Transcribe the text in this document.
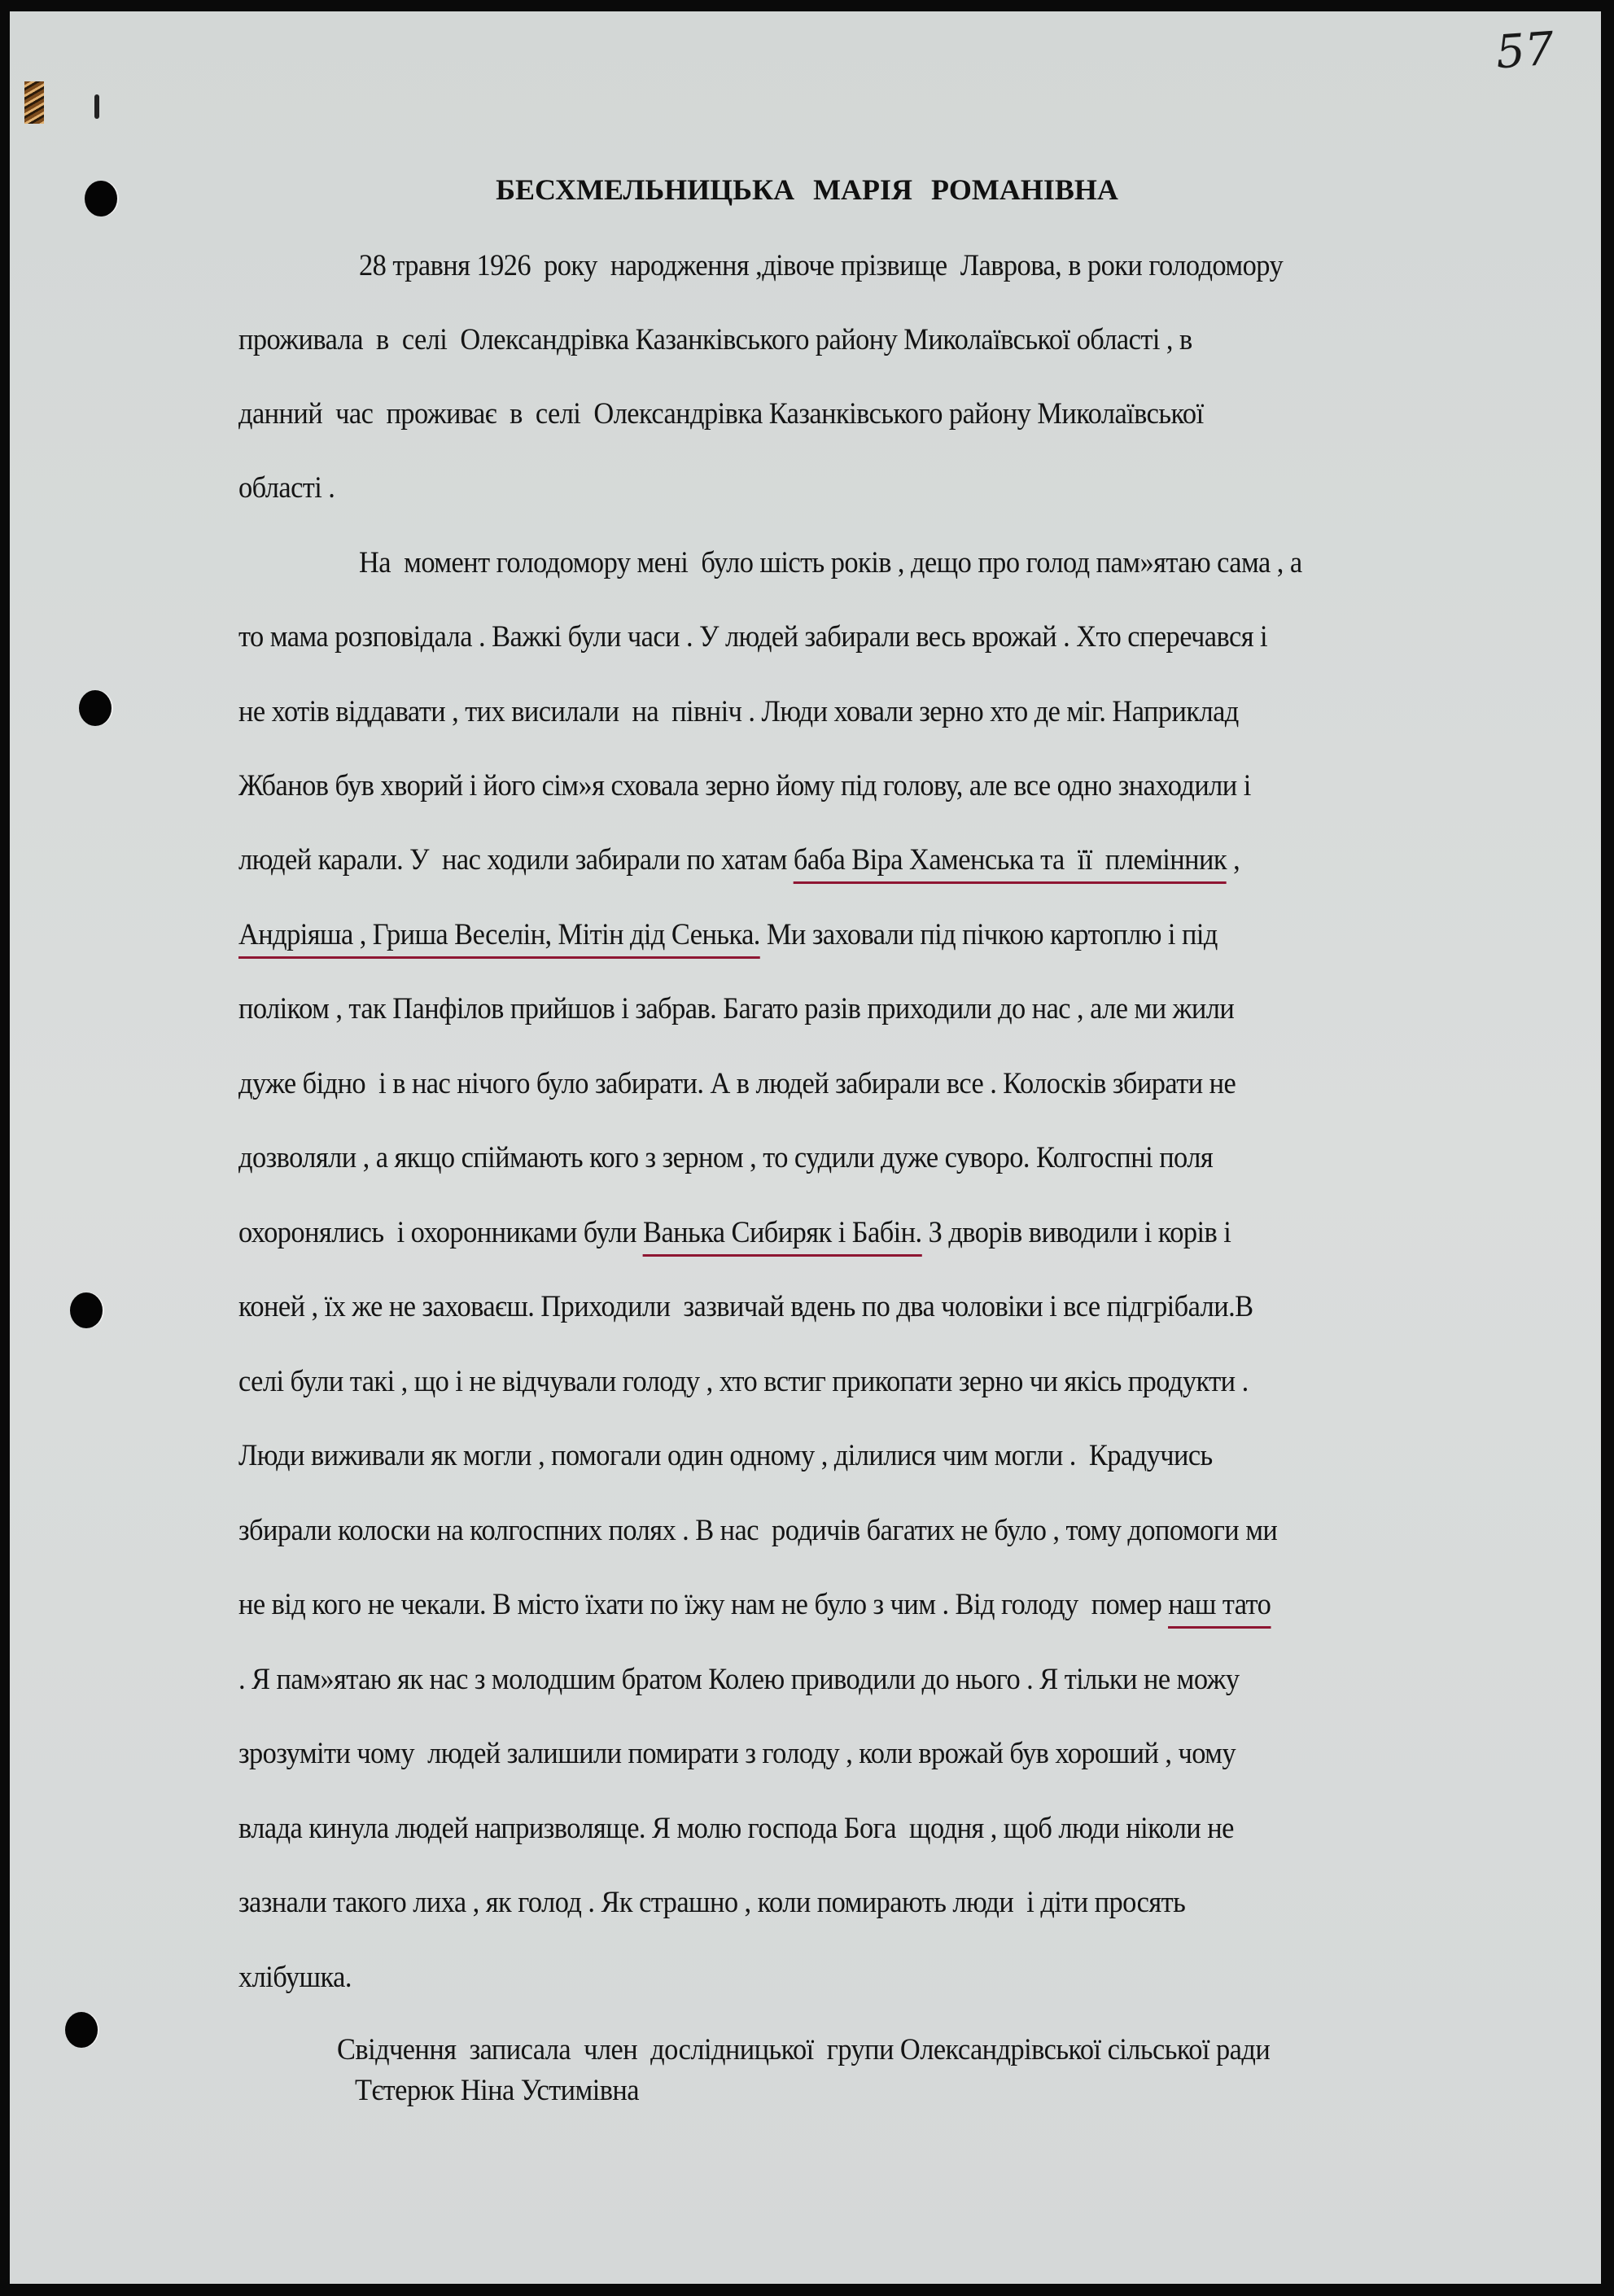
57
БЕСХМЕЛЬНИЦЬКА МАРІЯ РОМАНІВНА
28 травня 1926  року  народження ,дівоче прізвище  Лаврова, в роки голодомору
проживала  в  селі  Олександрівка Казанківського району Миколаївської області , в
данний  час  проживає  в  селі  Олександрівка Казанківського району Миколаївської
області .
На  момент голодомору мені  було шість років , дещо про голод пам»ятаю сама , а
то мама розповідала . Важкі були часи . У людей забирали весь врожай . Хто сперечався і
не хотів віддавати , тих висилали  на  північ . Люди ховали зерно хто де міг. Наприклад
Жбанов був хворий і його сім»я сховала зерно йому під голову, але все одно знаходили і
людей карали. У  нас ходили забирали по хатам баба Віра Хаменська та  її  племінник ,
Андріяша , Гриша Веселін, Мітін дід Сенька. Ми заховали під пічкою картоплю і під
поліком , так Панфілов прийшов і забрав. Багато разів приходили до нас , але ми жили
дуже бідно  і в нас нічого було забирати. А в людей забирали все . Колосків збирати не
дозволяли , а якщо спіймають кого з зерном , то судили дуже суворо. Колгоспні поля
охоронялись  і охоронниками були Ванька Сибиряк і Бабін. З дворів виводили і корів і
коней , їх же не заховаєш. Приходили  зазвичай вдень по два чоловіки і все підгрібали.В
селі були такі , що і не відчували голоду , хто встиг прикопати зерно чи якісь продукти .
Люди виживали як могли , помогали один одному , ділилися чим могли .  Крадучись
збирали колоски на колгоспних полях . В нас  родичів багатих не було , тому допомоги ми
не від кого не чекали. В місто їхати по їжу нам не було з чим . Від голоду  помер наш тато
. Я пам»ятаю як нас з молодшим братом Колею приводили до нього . Я тільки не можу
зрозуміти чому  людей залишили помирати з голоду , коли врожай був хороший , чому
влада кинула людей напризволяще. Я молю господа Бога  щодня , щоб люди ніколи не
зазнали такого лиха , як голод . Як страшно , коли помирають люди  і діти просять
хлібушка.
Свідчення  записала  член  дослідницької  групи Олександрівської сільської ради
Тєтерюк Ніна Устимівна
